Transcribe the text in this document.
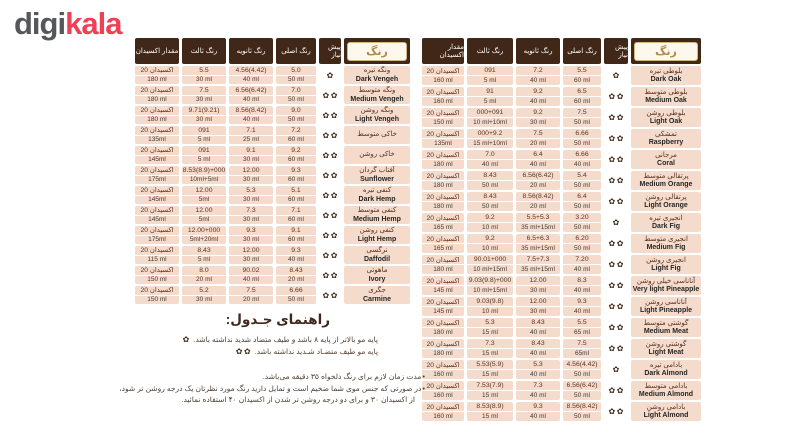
digikala
رنگ
پیش نیاز
رنگ اصلی
رنگ ثانویه
رنگ ثالث
مقدار اکسیدان
بلوطی تیره
Dark Oak
✿
5.5
60 ml
7.2
40 ml
091
5 ml
اکسیدان 20
160 ml
بلوطی متوسط
Medium Oak
✿ ✿
6.5
60 ml
9.2
40 ml
91
5 ml
اکسیدان 20
160 ml
بلوطی روشن
Light Oak
✿ ✿
7.5
50 ml
9.2
30 ml
000+091
10 ml+10ml
اکسیدان 20
150 ml
تمشکی
Raspberry
✿ ✿
6.66
50 ml
7.5
20 ml
000+9.2
15 ml+10ml
اکسیدان 20
135ml
مرجانی
Coral
✿ ✿
6.66
40 ml
6.4
40 ml
7.0
40 ml
اکسیدان 20
180 ml
پرتقالی متوسط
Medium Orange
✿ ✿
5.4
50 ml
6.56(6.42)
20 ml
8.43
50 ml
اکسیدان 20
180 ml
پرتقالی روشن
Light Orange
✿ ✿
6.4
50 ml
8.56(8.42)
20 ml
8.43
50 ml
اکسیدان 20
180 ml
انجیری تیره
Dark Fig
✿
3.20
50 ml
5.5+5.3
35 ml+15ml
9.2
10 ml
اکسیدان 20
165 ml
انجیری متوسط
Medium Fig
✿ ✿
6.20
50 ml
6.5+6.3
35 ml+15ml
9.2
10 ml
اکسیدان 20
165 ml
انجیری روشن
Light Fig
✿ ✿
7.20
40 ml
7.5+7.3
35 ml+15ml
90.01+000
10 ml+15ml
اکسیدان 20
180 ml
آناناسی خیلی روشن
Very light Pineapple
✿ ✿
8.3
40 ml
12.00
30 ml
9.03(9.8)+000
10 ml+15ml
اکسیدان 20
145 ml
آناناسی روشن
Light Pineapple
✿ ✿
9.3
40 ml
12.00
30 ml
9.03(9.8)
10 ml
اکسیدان 20
145 ml
گوشتی متوسط
Medium Meat
✿ ✿
5.5
65 ml
8.43
40 ml
5.3
15 ml
اکسیدان 20
180 ml
گوشتی روشن
Light Meat
✿ ✿
7.5
65ml
8.43
40 ml
7.3
15 ml
اکسیدان 20
180 ml
بادامی تیره
Dark Almond
✿
4.56(4.42)
50 ml
5.3
40 ml
5.53(5.9)
15 ml
اکسیدان 20
160 ml
بادامی متوسط
Medium Almond
✿ ✿
6.56(6.42)
50 ml
7.3
40 ml
7.53(7.9)
15 ml
اکسیدان 20
160 ml
بادامی روشن
Light Almond
✿ ✿
8.56(8.42)
50 ml
9.3
40 ml
8.53(8.9)
15 ml
اکسیدان 20
160 ml
رنگ
پیش نیاز
رنگ اصلی
رنگ ثانویه
رنگ ثالث
مقدار اکسیدان
ونگه تیره
Dark Vengeh
✿
5.0
50 ml
4.56(4.42)
40 ml
5.5
30 ml
اکسیدان 20
180 ml
ونگه متوسط
Medium Vengeh
✿ ✿
7.0
50 ml
6.56(6.42)
40 ml
7.5
30 ml
اکسیدان 20
180 ml
ونگه روشن
Light Vengeh
✿ ✿
9.0
50 ml
8.56(8.42)
40 ml
9.71(9.21)
30 ml
اکسیدان 20
180 ml
خاکی متوسط
✿ ✿
7.2
60 ml
7.1
25 ml
091
5 ml
اکسیدان 20
135ml
خاکی روشن
✿ ✿
9.2
60 ml
9.1
30 ml
091
5 ml
اکسیدان 20
145ml
آفتاب گردان
Sunflower
✿ ✿
9.3
60 ml
12.00
30 ml
8.53(8.9)+000
10ml+5ml
اکسیدان 20
175ml
کنفی تیره
Dark Hemp
✿ ✿
5.1
60 ml
5.3
30 ml
12.00
5ml
اکسیدان 20
145ml
کنفی متوسط
Medium Hemp
✿ ✿
7.1
60 ml
7.3
30 ml
12.00
5ml
اکسیدان 20
145ml
کنفی روشن
Light Hemp
✿ ✿
9.1
60 ml
9.3
30 ml
12.00+000
5ml+20ml
اکسیدان 20
175ml
نرگسی
Daffodil
✿ ✿
9.3
40 ml
12.00
30 ml
8.43
5 ml
اکسیدان 20
115 ml
ماهوتی
Ivory
✿ ✿
8.43
20 ml
90.02
40 ml
8.0
20 ml
اکسیدان 20
150 ml
جگری
Carmine
✿ ✿
6.66
50 ml
7.5
20 ml
5.2
30 ml
اکسیدان 20
150 ml
راهنمای جـدول:
✿ پایه مو بالاتر از پایه ۸ باشد و طیف متضاد شدید نداشته باشد.
✿ ✿ پایه مو طیف متضـاد شـدید نداشته باشد.
•مدت زمان لازم برای رنگ دلخواه ۳۵ دقیقه می‌باشد.
•در صورتی که جنس موی شما ضخیم است و تمایل دارید رنگ مورد نظرتان یک درجه روشن تر شود،
از اکسیدان ۳۰ و برای دو درجه روشن تر شدن از اکسیدان ۴۰ استفاده نمائید.
